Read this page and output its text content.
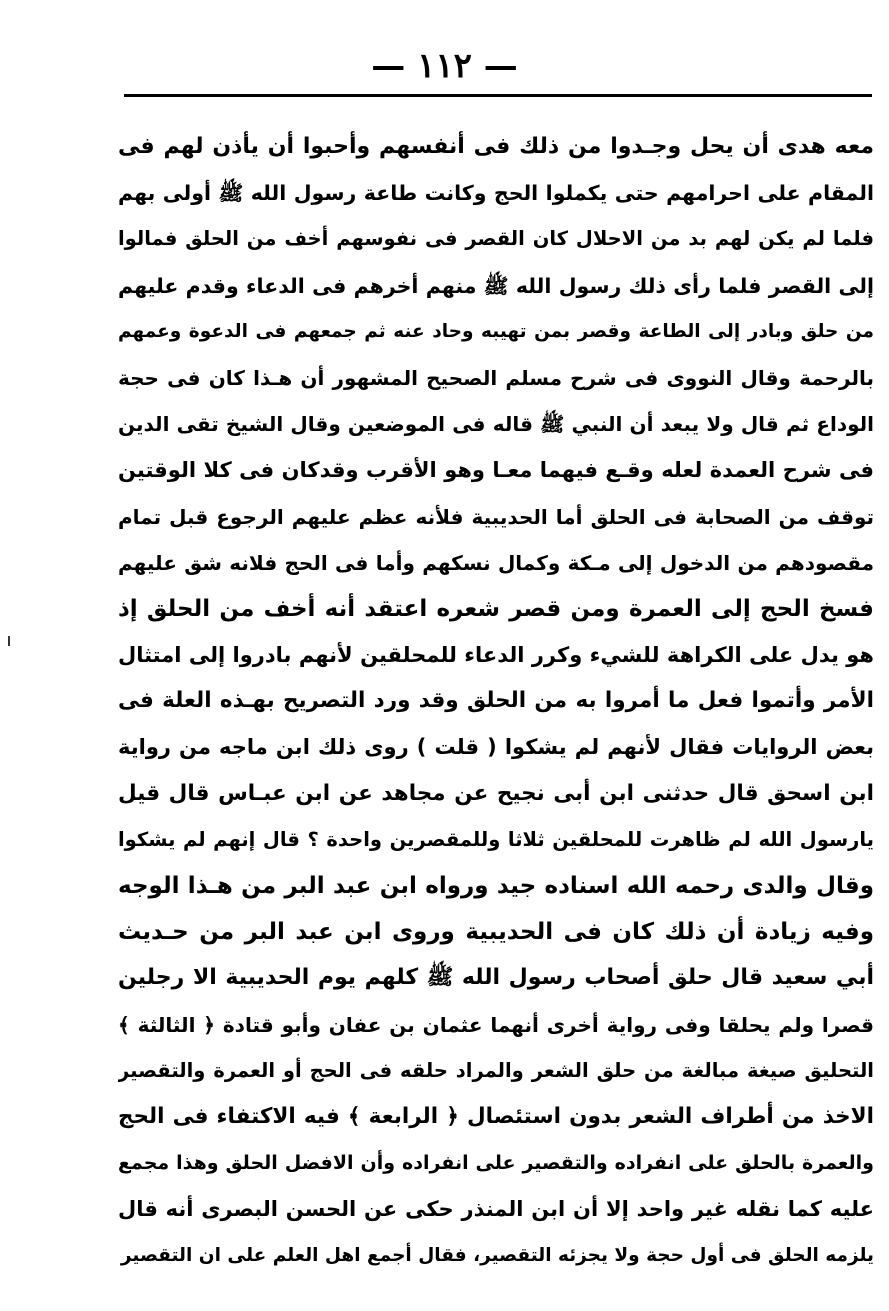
— ١١٢ —
معه هدى أن يحل وجـدوا من ذلك فى أنفسهم وأحبوا أن يأذن لهم فى
المقام على احرامهم حتى يكملوا الحج وكانت طاعة رسول الله ﷺ أولى بهم
فلما لم يكن لهم بد من الاحلال كان القصر فى نفوسهم أخف من الحلق فمالوا
إلى القصر فلما رأى ذلك رسول الله ﷺ منهم أخرهم فى الدعاء وقدم عليهم
من حلق وبادر إلى الطاعة وقصر بمن تهيبه وحاد عنه ثم جمعهم فى الدعوة وعمهم
بالرحمة وقال النووى فى شرح مسلم الصحيح المشهور أن هـذا كان فى حجة
الوداع ثم قال ولا يبعد أن النبي ﷺ قاله فى الموضعين وقال الشيخ تقى الدين
فى شرح العمدة لعله وقـع فيهما معـا وهو الأقرب وقدكان فى كلا الوقتين
توقف من الصحابة فى الحلق أما الحديبية فلأنه عظم عليهم الرجوع قبل تمام
مقصودهم من الدخول إلى مـكة وكمال نسكهم وأما فى الحج فلانه شق عليهم
فسخ الحج إلى العمرة ومن قصر شعره اعتقد أنه أخف من الحلق إذ
هو يدل على الكراهة للشيء وكرر الدعاء للمحلقين لأنهم بادروا إلى امتثال
الأمر وأتموا فعل ما أمروا به من الحلق وقد ورد التصريح بهـذه العلة فى
بعض الروايات فقال لأنهم لم يشكوا ( قلت ) روى ذلك ابن ماجه من رواية
ابن اسحق قال حدثنى ابن أبى نجيح عن مجاهد عن ابن عبـاس قال قيل
يارسول الله لم ظاهرت للمحلقين ثلاثا وللمقصرين واحدة ؟ قال إنهم لم يشكوا
وقال والدى رحمه الله اسناده جيد ورواه ابن عبد البر من هـذا الوجه
وفيه زيادة أن ذلك كان فى الحديبية وروى ابن عبد البر من حـديث
أبي سعيد قال حلق أصحاب رسول الله ﷺ كلهم يوم الحديبية الا رجلين
قصرا ولم يحلقا وفى رواية أخرى أنهما عثمان بن عفان وأبو قتادة ﴿ الثالثة ﴾
التحليق صيغة مبالغة من حلق الشعر والمراد حلقه فى الحج أو العمرة والتقصير
الاخذ من أطراف الشعر بدون استئصال ﴿ الرابعة ﴾ فيه الاكتفاء فى الحج
والعمرة بالحلق على انفراده والتقصير على انفراده وأن الافضل الحلق وهذا مجمع
عليه كما نقله غير واحد إلا أن ابن المنذر حكى عن الحسن البصرى أنه قال
يلزمه الحلق فى أول حجة ولا يجزئه التقصير، فقال أجمع اهل العلم على ان التقصير
